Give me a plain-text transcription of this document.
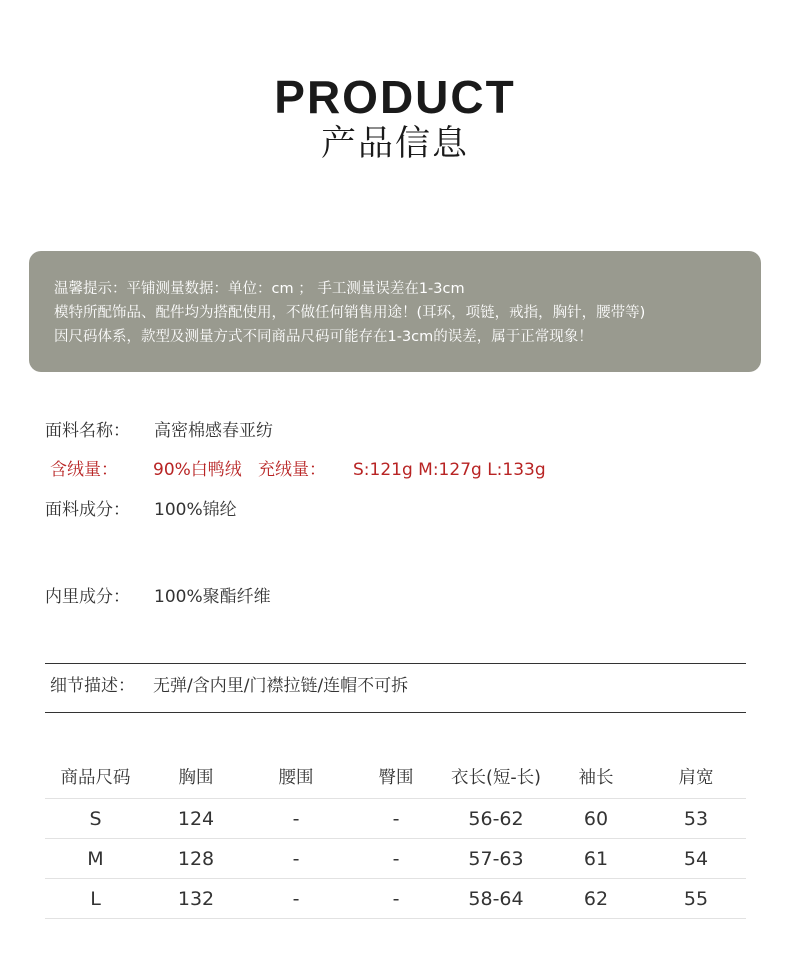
PRODUCT
产品信息
温馨提示：平铺测量数据：单位：cm ； 手工测量误差在1-3cm
模特所配饰品、配件均为搭配使用，不做任何销售用途！(耳环，项链，戒指，胸针，腰带等)
因尺码体系，款型及测量方式不同商品尺码可能存在1-3cm的误差，属于正常现象！
面料名称： 高密棉感春亚纺
含绒量： 90%白鸭绒 充绒量： S:121g M:127g L:133g
面料成分： 100%锦纶
内里成分： 100%聚酯纤维
细节描述： 无弹/含内里/门襟拉链/连帽不可拆
商品尺码	胸围	腰围	臀围	衣长(短-长)	袖长	肩宽
S	124	-	-	56-62	60	53
M	128	-	-	57-63	61	54
L	132	-	-	58-64	62	55
